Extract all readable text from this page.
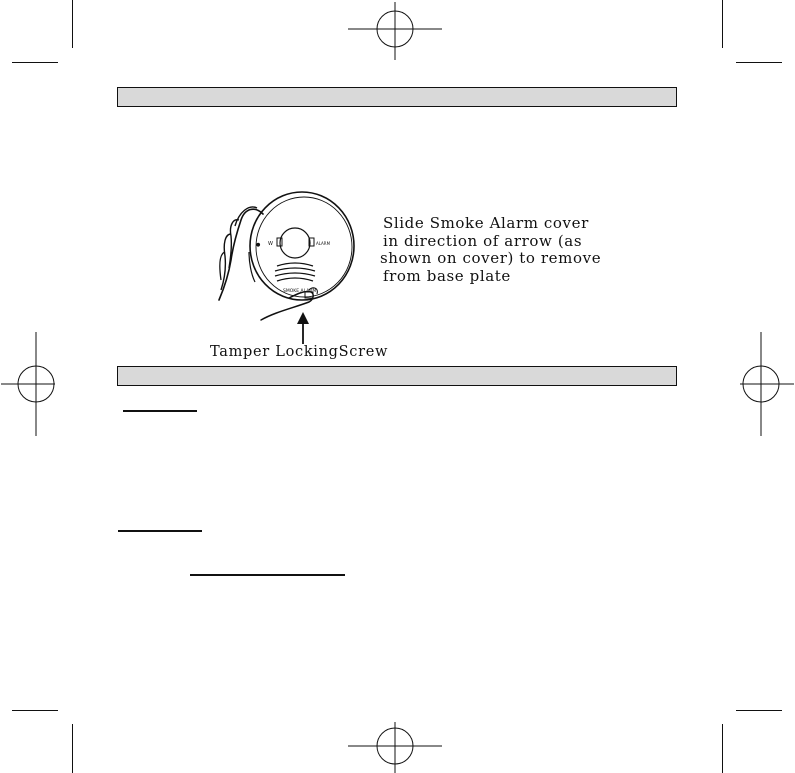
W	ALARM
SMOKE ALARM
●
Slide Smoke Alarm cover
in direction of arrow (as
shown on cover) to remove
from base plate
Tamper LockingScrew
